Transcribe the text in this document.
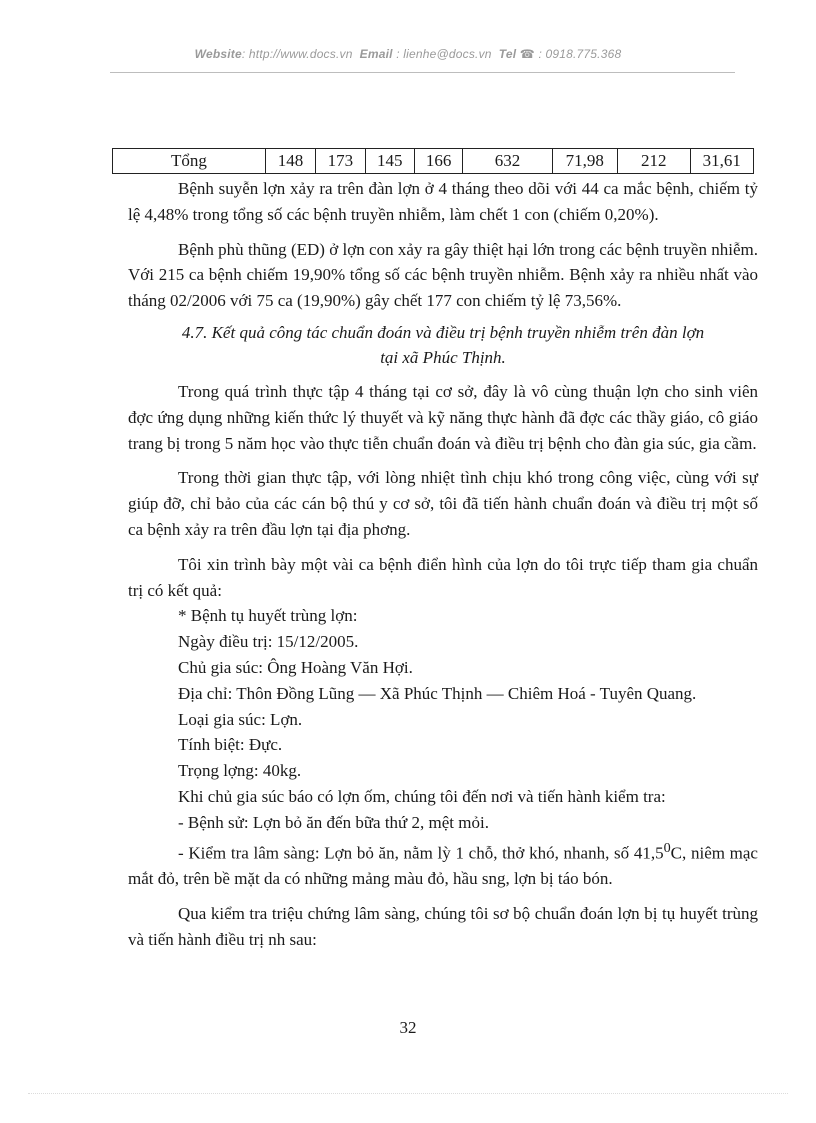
Website: http://www.docs.vn Email : lienhe@docs.vn Tel ☎ : 0918.775.368
Tổng	148	173	145	166	632	71,98	212	31,61

Bệnh suyễn lợn xảy ra trên đàn lợn ở 4 tháng theo dõi với 44 ca mắc bệnh, chiếm tỷ lệ 4,48% trong tổng số các bệnh truyền nhiễm, làm chết 1 con (chiếm 0,20%).

Bệnh phù thũng (ED) ở lợn con xảy ra gây thiệt hại lớn trong các bệnh truyền nhiễm. Với 215 ca bệnh chiếm 19,90% tổng số các bệnh truyền nhiễm. Bệnh xảy ra nhiều nhất vào tháng 02/2006 với 75 ca (19,90%) gây chết 177 con chiếm tỷ lệ 73,56%.

4.7. Kết quả công tác chuẩn đoán và điều trị bệnh truyền nhiễm trên đàn lợn
tại xã Phúc Thịnh.

Trong quá trình thực tập 4 tháng tại cơ sở, đây là vô cùng thuận lợn cho sinh viên đợc ứng dụng những kiến thức lý thuyết và kỹ năng thực hành đã đợc các thầy giáo, cô giáo trang bị trong 5 năm học vào thực tiễn chuẩn đoán và điều trị bệnh cho đàn gia súc, gia cầm.

Trong thời gian thực tập, với lòng nhiệt tình chịu khó trong công việc, cùng với sự giúp đỡ, chỉ bảo của các cán bộ thú y cơ sở, tôi đã tiến hành chuẩn đoán và điều trị một số ca bệnh xảy ra trên đầu lợn tại địa phơng.

Tôi xin trình bày một vài ca bệnh điển hình của lợn do tôi trực tiếp tham gia chuẩn trị có kết quả:

* Bệnh tụ huyết trùng lợn:

Ngày điều trị: 15/12/2005.

Chủ gia súc: Ông Hoàng Văn Hợi.

Địa chỉ: Thôn Đồng Lũng — Xã Phúc Thịnh — Chiêm Hoá - Tuyên Quang.

Loại gia súc: Lợn.

Tính biệt: Đực.

Trọng lợng: 40kg.

Khi chủ gia súc báo có lợn ốm, chúng tôi đến nơi và tiến hành kiểm tra:

- Bệnh sử: Lợn bỏ ăn đến bữa thứ 2, mệt mỏi.

- Kiểm tra lâm sàng: Lợn bỏ ăn, nằm lỳ 1 chỗ, thở khó, nhanh, số 41,5$^0$C, niêm mạc mắt đỏ, trên bề mặt da có những mảng màu đỏ, hầu sng, lợn bị táo bón.

Qua kiểm tra triệu chứng lâm sàng, chúng tôi sơ bộ chuẩn đoán lợn bị tụ huyết trùng và tiến hành điều trị nh sau:

32
